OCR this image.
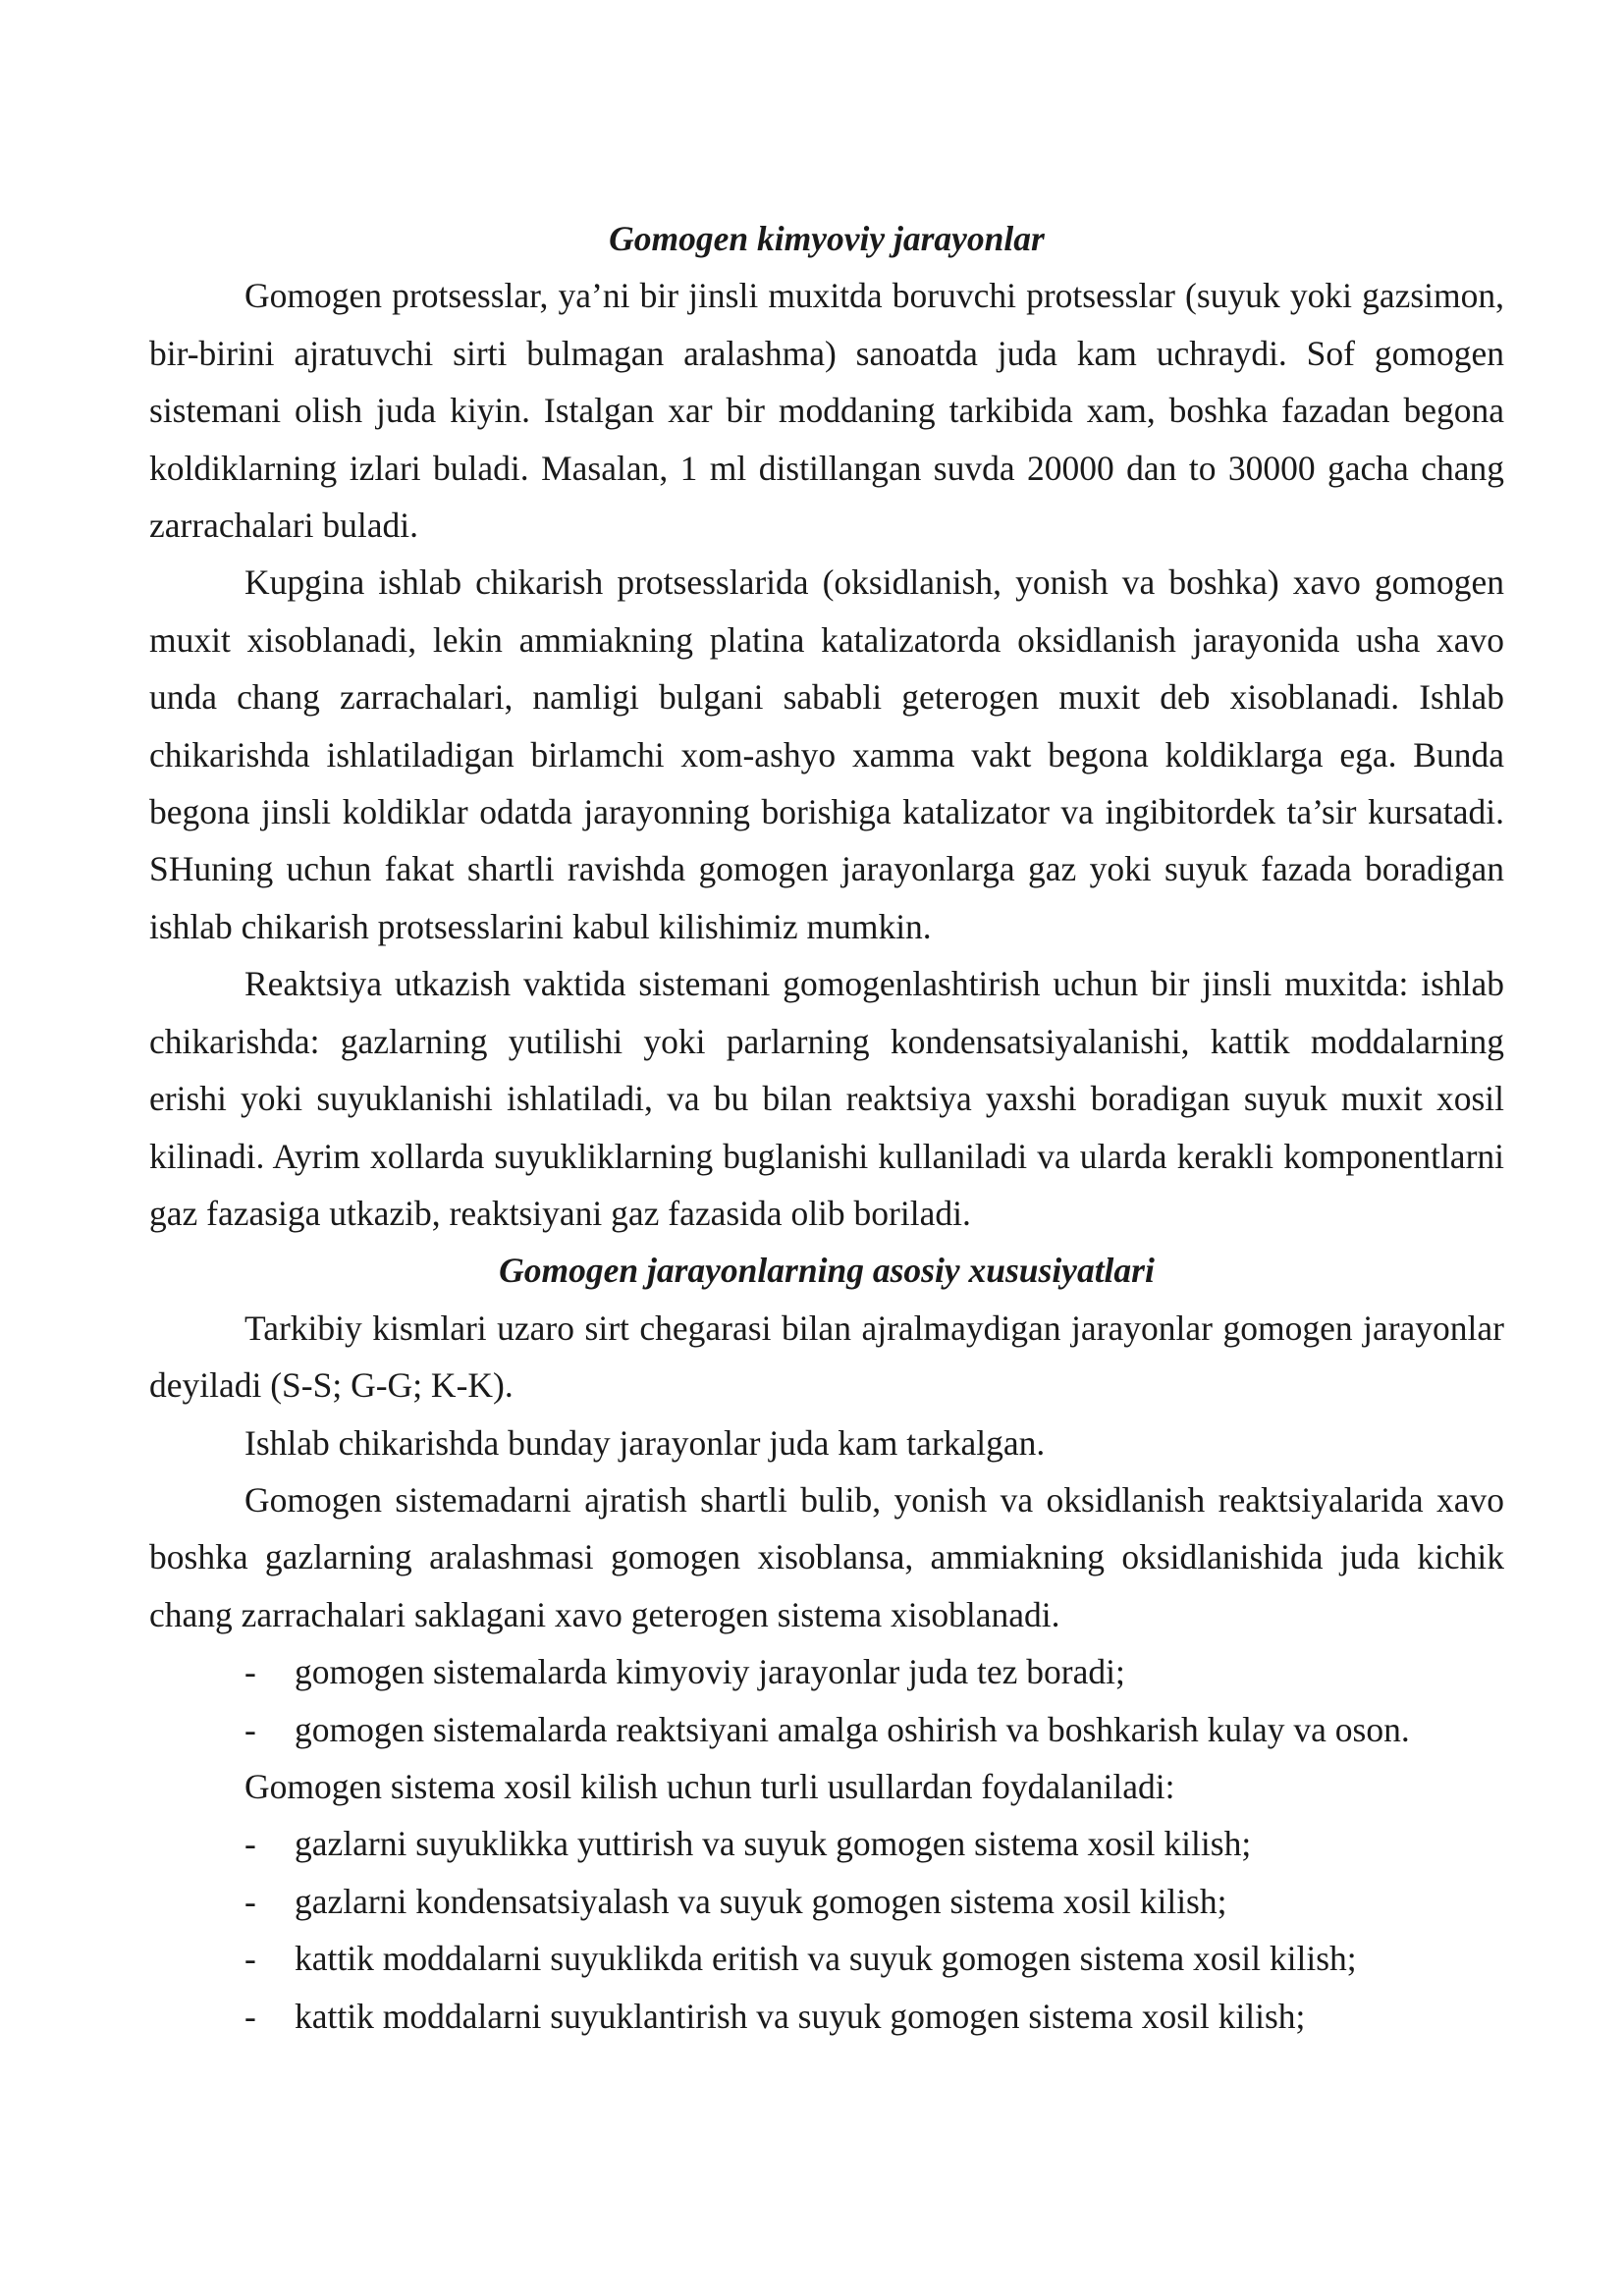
Gomogen kimyoviy jarayonlar

Gomogen protsesslar, ya’ni bir jinsli muxitda boruvchi protsesslar (suyuk yoki gazsimon, bir-birini ajratuvchi sirti bulmagan aralashma) sanoatda juda kam uchraydi. Sof gomogen sistemani olish juda kiyin. Istalgan xar bir moddaning tarkibida xam, boshka fazadan begona koldiklarning izlari buladi. Masalan, 1 ml distillangan suvda 20000 dan to 30000 gacha chang zarrachalari buladi.

Kupgina ishlab chikarish protsesslarida (oksidlanish, yonish va boshka) xavo gomogen muxit xisoblanadi, lekin ammiakning platina katalizatorda oksidlanish jarayonida usha xavo unda chang zarrachalari, namligi bulgani sababli geterogen muxit deb xisoblanadi. Ishlab chikarishda ishlatiladigan birlamchi xom-ashyo xamma vakt begona koldiklarga ega. Bunda begona jinsli koldiklar odatda jarayonning borishiga katalizator va ingibitordek ta’sir kursatadi. SHuning uchun fakat shartli ravishda gomogen jarayonlarga gaz yoki suyuk fazada boradigan ishlab chikarish protsesslarini kabul kilishimiz mumkin.

Reaktsiya utkazish vaktida sistemani gomogenlashtirish uchun bir jinsli muxitda: ishlab chikarishda: gazlarning yutilishi yoki parlarning kondensatsiyalanishi, kattik moddalarning erishi yoki suyuklanishi ishlatiladi, va bu bilan reaktsiya yaxshi boradigan suyuk muxit xosil kilinadi. Ayrim xollarda suyukliklarning buglanishi kullaniladi va ularda kerakli komponentlarni gaz fazasiga utkazib, reaktsiyani gaz fazasida olib boriladi.

Gomogen jarayonlarning asosiy xususiyatlari

Tarkibiy kismlari uzaro sirt chegarasi bilan ajralmaydigan jarayonlar gomogen jarayonlar deyiladi (S-S; G-G; K-K).

Ishlab chikarishda bunday jarayonlar juda kam tarkalgan.

Gomogen sistemadarni ajratish shartli bulib, yonish va oksidlanish reaktsiyalarida xavo boshka gazlarning aralashmasi gomogen xisoblansa, ammiakning oksidlanishida juda kichik chang zarrachalari saklagani xavo geterogen sistema xisoblanadi.

- gomogen sistemalarda kimyoviy jarayonlar juda tez boradi;
- gomogen sistemalarda reaktsiyani amalga oshirish va boshkarish kulay va oson.

Gomogen sistema xosil kilish uchun turli usullardan foydalaniladi:

- gazlarni suyuklikka yuttirish va suyuk gomogen sistema xosil kilish;
- gazlarni kondensatsiyalash va suyuk gomogen sistema xosil kilish;
- kattik moddalarni suyuklikda eritish va suyuk gomogen sistema xosil kilish;
- kattik moddalarni suyuklantirish va suyuk gomogen sistema xosil kilish;
